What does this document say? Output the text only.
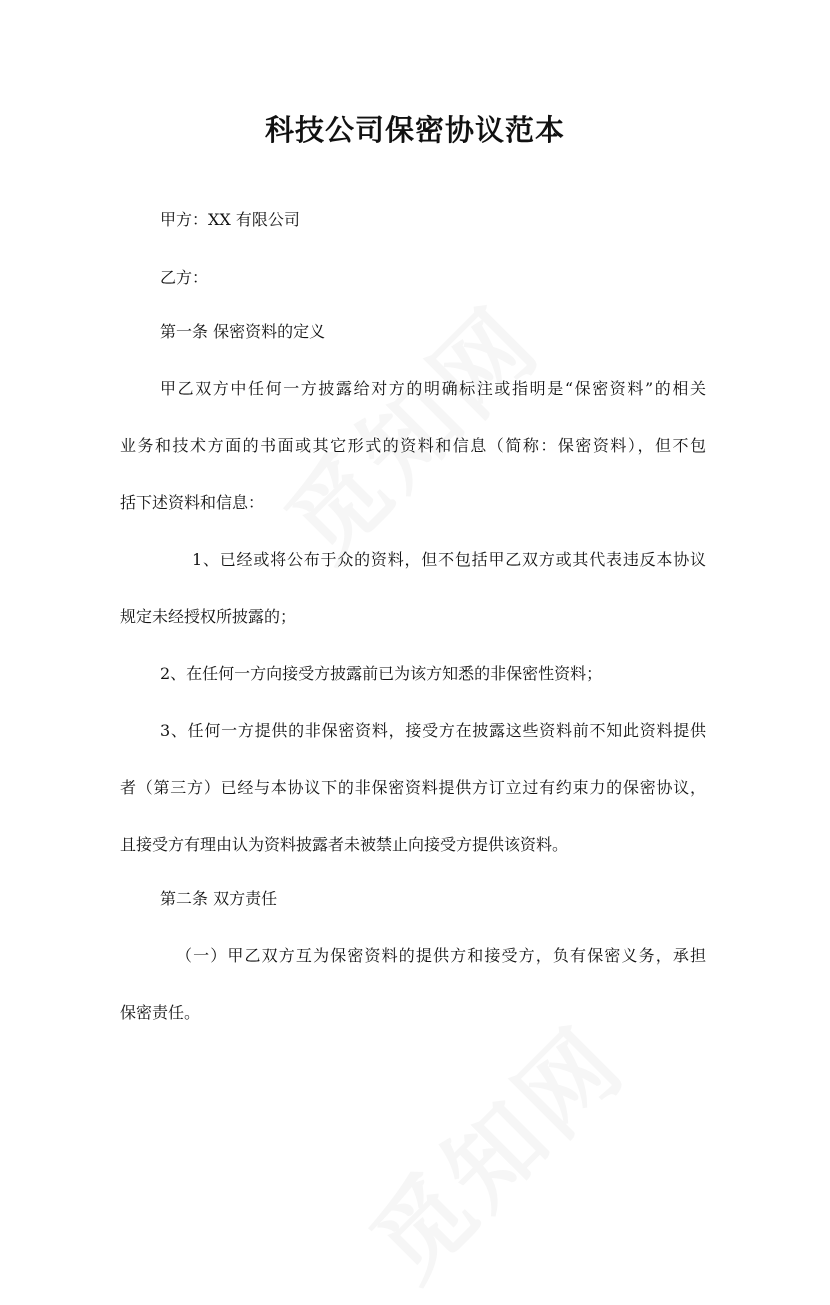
科技公司保密协议范本
甲方：XX 有限公司
乙方：
第一条 保密资料的定义
甲乙双方中任何一方披露给对方的明确标注或指明是“保密资料”的相关
业务和技术方面的书面或其它形式的资料和信息（简称：保密资料），但不包
括下述资料和信息：
1、已经或将公布于众的资料，但不包括甲乙双方或其代表违反本协议
规定未经授权所披露的；
2、在任何一方向接受方披露前已为该方知悉的非保密性资料；
3、任何一方提供的非保密资料，接受方在披露这些资料前不知此资料提供
者（第三方）已经与本协议下的非保密资料提供方订立过有约束力的保密协议，
且接受方有理由认为资料披露者未被禁止向接受方提供该资料。
第二条 双方责任
（一）甲乙双方互为保密资料的提供方和接受方，负有保密义务，承担
保密责任。
